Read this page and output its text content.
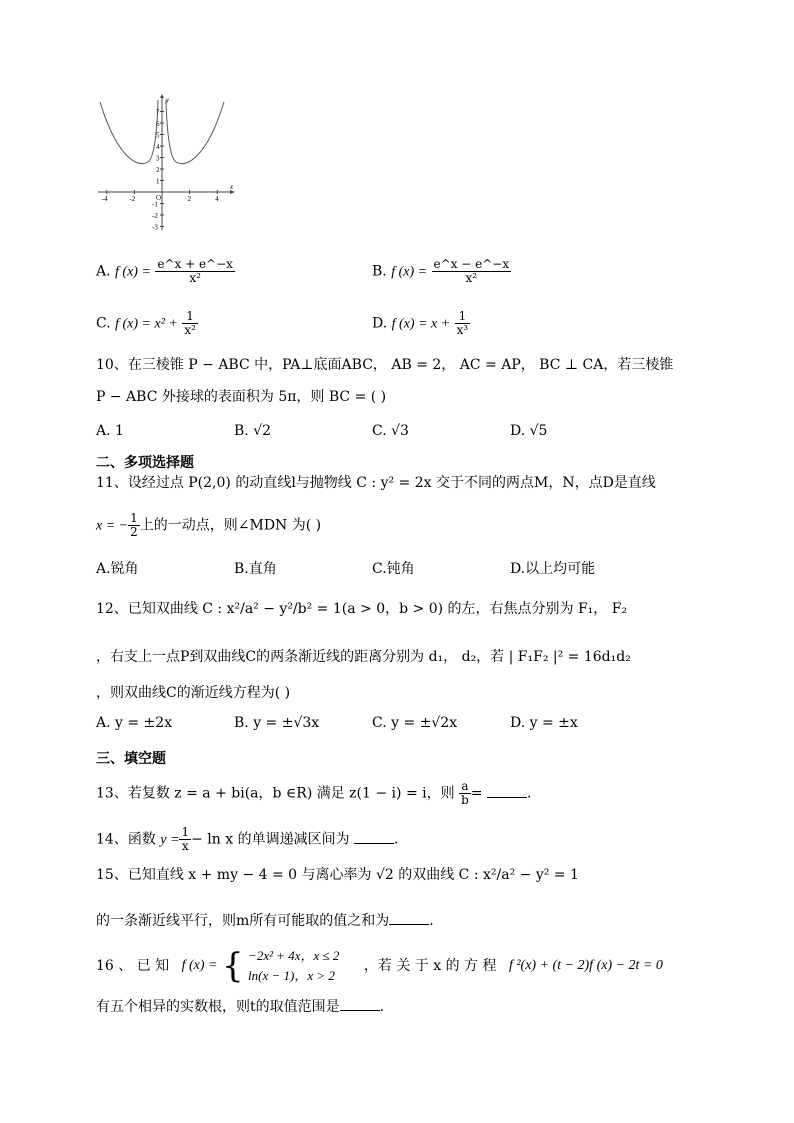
y
x
O
7
6
5
4
3
2
1
-1
-2
-3
-4	-2	2	4
A. f $(x) = \frac{e\^{}x + e\^{}-x}{\text{x²}}$	B. f $(x) = \frac{e\^{}x - e\^{}-x}{\text{x²}}$
C. f $(x) = x^2 + \frac{1}{\text{x²}}$	D. f $(x) = x + \frac{1}{\text{x³}}$
10、在三棱锥 P − ABC 中，PA⊥底面ABC， AB = 2， AC = AP， BC ⊥ CA，若三棱锥
P − ABC 外接球的表面积为 5π，则 BC = ( )
A. 1	B. √2	C. √3	D. √5
二、多项选择题
11、设经过点 P(2,0) 的动直线l与抛物线 C : y² = 2x 交于不同的两点M，N，点D是直线
x = − $\frac{1}{2}$ 上的一动点，则∠MDN 为( )
A.锐角	B.直角	C.钝角	D.以上均可能
12、已知双曲线 C : x²/a² − y²/b² = 1(a > 0，b > 0) 的左，右焦点分别为 F₁， F₂
，右支上一点P到双曲线C的两条渐近线的距离分别为 d₁， d₂，若 | F₁F₂ |² = 16d₁d₂
，则双曲线C的渐近线方程为( )
A. y = ±2x	B. y = ±√3x	C. y = ±√2x	D. y = ±x
三、填空题
13、若复数 z = a + bi(a，b ∈R) 满足 z(1 − i) = i，则 $\frac{a}{b}$ =	.
14、函数 $y = \frac{1}{x} - \ln x$ 的单调递减区间为	.
15、已知直线 x + my − 4 = 0 与离心率为 √2 的双曲线 C : x²/a² − y² = 1
的一条渐近线平行，则m所有可能取的值之和为	.
16 、 已 知 f (x) = { −2x² + 4x，x ≤ 2
ln(x − 1)，x > 2
，若 关 于 x 的 方 程 f ²(x) + (t − 2)f (x) − 2t = 0
有五个相异的实数根，则t的取值范围是	.
